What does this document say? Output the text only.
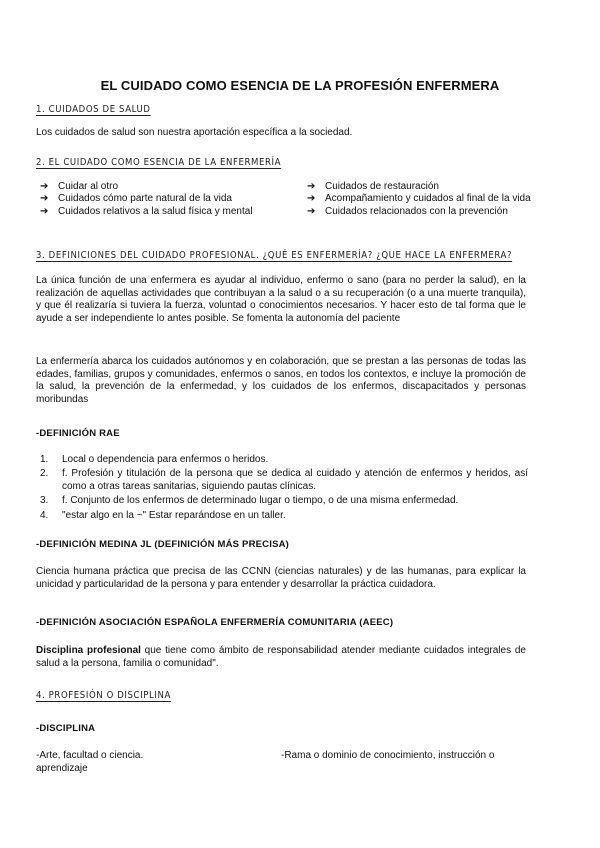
EL CUIDADO COMO ESENCIA DE LA PROFESIÓN ENFERMERA
1. CUIDADOS DE SALUD
Los cuidados de salud son nuestra aportación específica a la sociedad.
2. EL CUIDADO COMO ESENCIA DE LA ENFERMERÍA
➔ Cuidar al otro
➔ Cuidados cómo parte natural de la vida
➔ Cuidados relativos a la salud física y mental
➔ Cuidados de restauración
➔ Acompañamiento y cuidados al final de la vida
➔ Cuidados relacionados con la prevención
3. DEFINICIONES DEL CUIDADO PROFESIONAL. ¿QUÉ ES ENFERMERÍA? ¿QUE HACE LA ENFERMERA?
La única función de una enfermera es ayudar al individuo, enfermo o sano (para no perder la salud), en la realización de aquellas actividades que contribuyan a la salud o a su recuperación (o a una muerte tranquila), y que él realizaría si tuviera la fuerza, voluntad o conocimientos necesarios. Y hacer esto de tal forma que le ayude a ser independiente lo antes posible. Se fomenta la autonomía del paciente
La enfermería abarca los cuidados autónomos y en colaboración, que se prestan a las personas de todas las edades, familias, grupos y comunidades, enfermos o sanos, en todos los contextos, e incluye la promoción de la salud, la prevención de la enfermedad, y los cuidados de los enfermos, discapacitados y personas moribundas
-DEFINICIÓN RAE
1.	Local o dependencia para enfermos o heridos.
2.	f. Profesión y titulación de la persona que se dedica al cuidado y atención de enfermos y heridos, así como a otras tareas sanitarias, siguiendo pautas clínicas.
3.	f. Conjunto de los enfermos de determinado lugar o tiempo, o de una misma enfermedad.
4.	"estar algo en la ~" Estar reparándose en un taller.
-DEFINICIÓN MEDINA JL (DEFINICIÓN MÁS PRECISA)
Ciencia humana práctica que precisa de las CCNN (ciencias naturales) y de las humanas, para explicar la unicidad y particularidad de la persona y para entender y desarrollar la práctica cuidadora.
-DEFINICIÓN ASOCIACIÓN ESPAÑOLA ENFERMERÍA COMUNITARIA (AEEC)
Disciplina profesional que tiene como ámbito de responsabilidad atender mediante cuidados integrales de salud a la persona, familia o comunidad".
4. PROFESIÓN O DISCIPLINA
-DISCIPLINA
-Arte, facultad o ciencia.	-Rama o dominio de conocimiento, instrucción o
aprendizaje
